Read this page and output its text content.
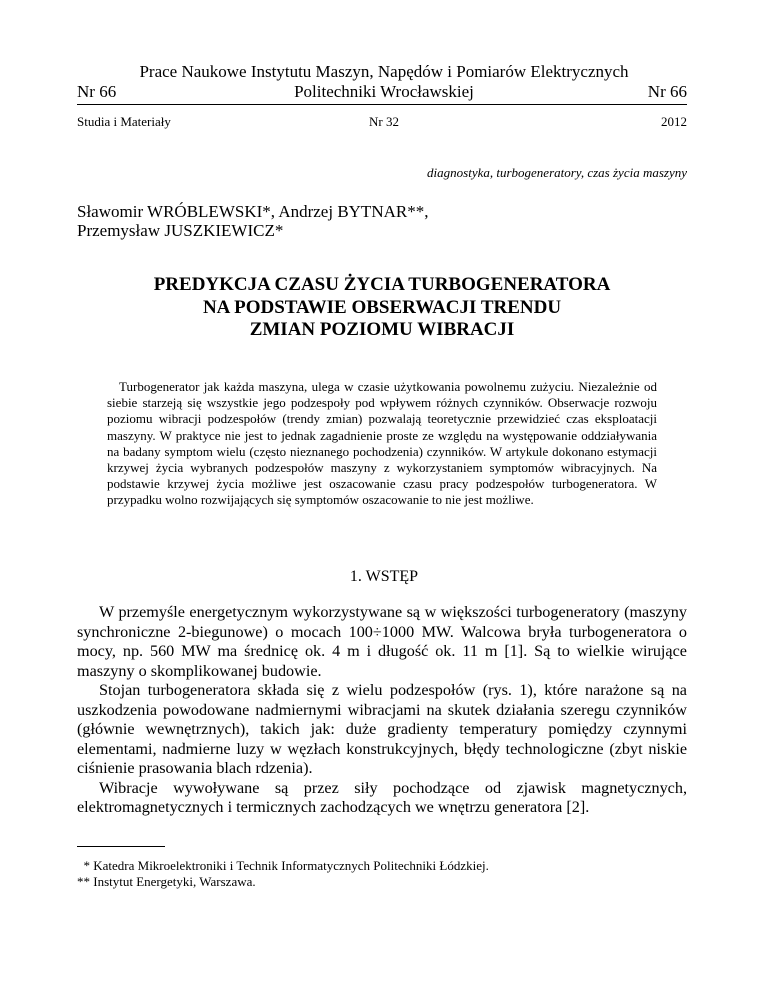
Prace Naukowe Instytutu Maszyn, Napędów i Pomiarów Elektrycznych
Politechniki Wrocławskiej
Nr 66	Nr 66
Studia i Materiały	Nr 32	2012
diagnostyka, turbogeneratory, czas życia maszyny
Sławomir WRÓBLEWSKI*, Andrzej BYTNAR**,
Przemysław JUSZKIEWICZ*
PREDYKCJA CZASU ŻYCIA TURBOGENERATORA
NA PODSTAWIE OBSERWACJI TRENDU
ZMIAN POZIOMU WIBRACJI

Turbogenerator jak każda maszyna, ulega w czasie użytkowania powolnemu zużyciu. Niezależnie od siebie starzeją się wszystkie jego podzespoły pod wpływem różnych czynników. Obserwacje rozwoju poziomu wibracji podzespołów (trendy zmian) pozwalają teoretycznie przewidzieć czas eksploatacji maszyny. W praktyce nie jest to jednak zagadnienie proste ze względu na występowanie oddziaływania na badany symptom wielu (często nieznanego pochodzenia) czynników. W artykule dokonano estymacji krzywej życia wybranych podzespołów maszyny z wykorzystaniem symptomów wibracyjnych. Na podstawie krzywej życia możliwe jest oszacowanie czasu pracy podzespołów turbogeneratora. W przypadku wolno rozwijających się symptomów oszacowanie to nie jest możliwe.

1. WSTĘP

W przemyśle energetycznym wykorzystywane są w większości turbogeneratory (maszyny synchroniczne 2-biegunowe) o mocach 100÷1000 MW. Walcowa bryła turbogeneratora o mocy, np. 560 MW ma średnicę ok. 4 m i długość ok. 11 m [1]. Są to wielkie wirujące maszyny o skomplikowanej budowie.

Stojan turbogeneratora składa się z wielu podzespołów (rys. 1), które narażone są na uszkodzenia powodowane nadmiernymi wibracjami na skutek działania szeregu czynników (głównie wewnętrznych), takich jak: duże gradienty temperatury pomiędzy czynnymi elementami, nadmierne luzy w węzłach konstrukcyjnych, błędy technologiczne (zbyt niskie ciśnienie prasowania blach rdzenia).

Wibracje wywoływane są przez siły pochodzące od zjawisk magnetycznych, elektromagnetycznych i termicznych zachodzących we wnętrzu generatora [2].

* Katedra Mikroelektroniki i Technik Informatycznych Politechniki Łódzkiej.
** Instytut Energetyki, Warszawa.
